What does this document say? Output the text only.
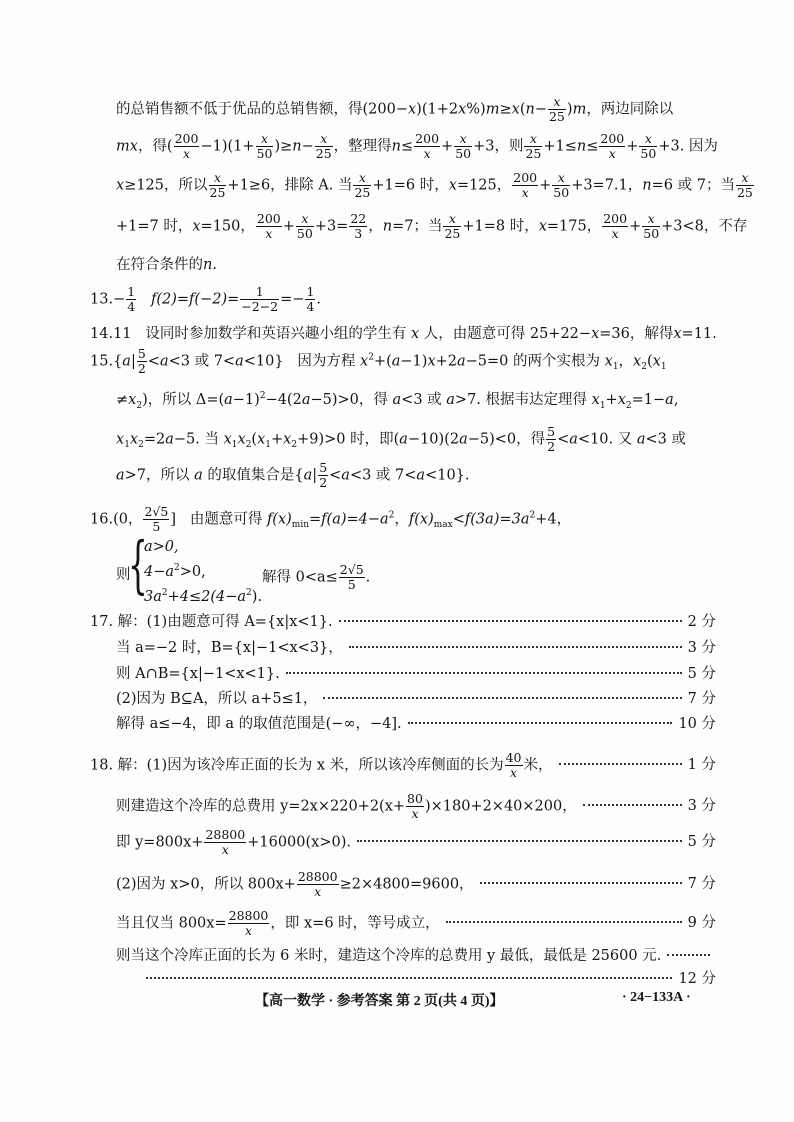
的总销售额不低于优品的总销售额，得$(200-x)(1+2x\%)m\ge x(n- \frac{x}{25} )m$，两边同除以
mx，得( $\frac{200}{x} -1)(1+ \frac{x}{50} )\ge n- \frac{x}{25}$ ，整理得$n\le \frac{200}{x} + \frac{x}{50} +3$，则 $\frac{x}{25} +1\le n\le \frac{200}{x} + \frac{x}{50} +3$. 因为
x≥125，所以 $\frac{x}{25} +1\ge 6$，排除 A. 当 $\frac{x}{25} +1=6$ 时，x=125， $\frac{200}{x} + \frac{x}{50} +3=7.1$，n=6 或 7；当 $\frac{x}{25}$
+1=7 时，x=150， $\frac{200}{x} + \frac{x}{50} +3= \frac{22}{3}$ ，n=7；当 $\frac{x}{25} +1=8$ 时，x=175， $\frac{200}{x} + \frac{x}{50} +3<8$，不存
在符合条件的n.
$13.- \frac{1}{4} f(2)=f(-2)= \frac{1}{-2-2} =- \frac{1}{4}$ .
14.11 设同时参加数学和英语兴趣小组的学生有 x 人，由题意可得 25+22−x=36，解得x=11.
$15.\{a| \frac{5}{2} <a<3$ 或 7<a<10} 因为方程 $x^2+(a-1)x+2a-5=0$ 的两个实根为 $x_1$，$x_2(x_1$
$\ne x_2$)，所以 $\Delta=(a-1)^2-4(2a-5)>0$，得 a<3 或 a>7. 根据韦达定理得 $x_1+x_2=1-a$,
$x_1x_2=2a-5$. 当 $x_1x_2(x_1+x_2+9)>0$ 时，即(a−10)(2a−5)<0，得 $\frac{5}{2} <a<10$. 又 a<3 或
a>7，所以 a 的取值集合是{$a| \frac{5}{2} <a<3$ 或 7<a<10}.
16.(0， $\frac{2√5}{5}$ ] 由题意可得 $f(x)_{min}=f(a)=4-a^2$，$f(x)_{max}<f(3a)=3a^2+4$，
则
{
a>0,
$4-a^2>0$,	解得 $0<a\le \frac{2√5}{5}$ .
$3a^2+4\le 2(4-a^2)$.
17. 解：(1)由题意可得 A={x|x<1}.	2 分
当 a=−2 时，B={x|−1<x<3}，	3 分
则 A∩B={x|−1<x<1}.	5 分
(2)因为 B⊆A，所以 a+5≤1，	7 分
解得 a≤−4，即 a 的取值范围是(−∞，−4].	10 分
18. 解：(1)因为该冷库正面的长为 x 米，所以该冷库侧面的长为 $\frac{40}{x}$ 米，	1 分
则建造这个冷库的总费用 $y=2x\times 220+2(x+ \frac{80}{x} )\times 180+2\times 40\times 200$，	3 分
即 $y=800x+ \frac{28800}{x} +16000(x>0)$.	5 分
(2)因为 x>0，所以 $800x+ \frac{28800}{x} \ge 2\times 4800=9600$，	7 分
当且仅当 $800x= \frac{28800}{x}$ ，即 x=6 时，等号成立，	9 分
则当这个冷库正面的长为 6 米时，建造这个冷库的总费用 y 最低，最低是 25600 元.
12 分
【高一数学 · 参考答案 第 2 页(共 4 页)】	· 24−133A ·
